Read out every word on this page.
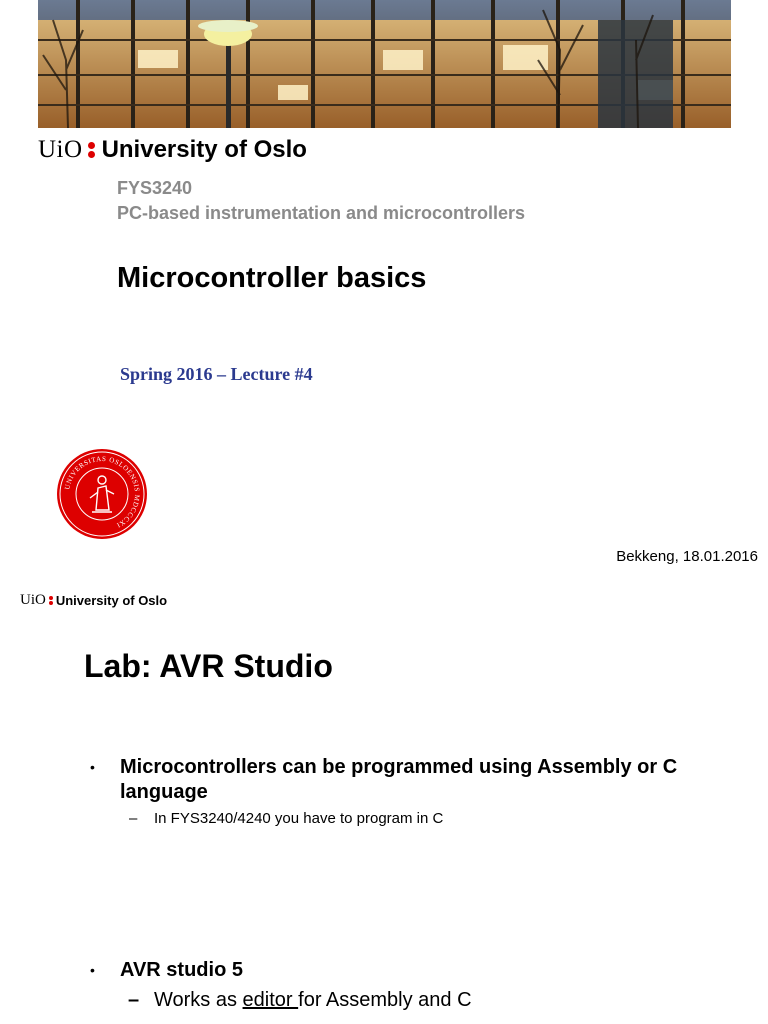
UiO University of Oslo
FYS3240
PC-based instrumentation and microcontrollers
Microcontroller basics
Spring 2016 – Lecture #4
UNIVERSITAS OSLOENSIS MDCCCXI
Bekkeng, 18.01.2016
UiO University of Oslo
Lab: AVR Studio
• Microcontrollers can be programmed using Assembly or C
language
– In FYS3240/4240 you have to program in C
• AVR studio 5
– Works as editor for Assembly and C
